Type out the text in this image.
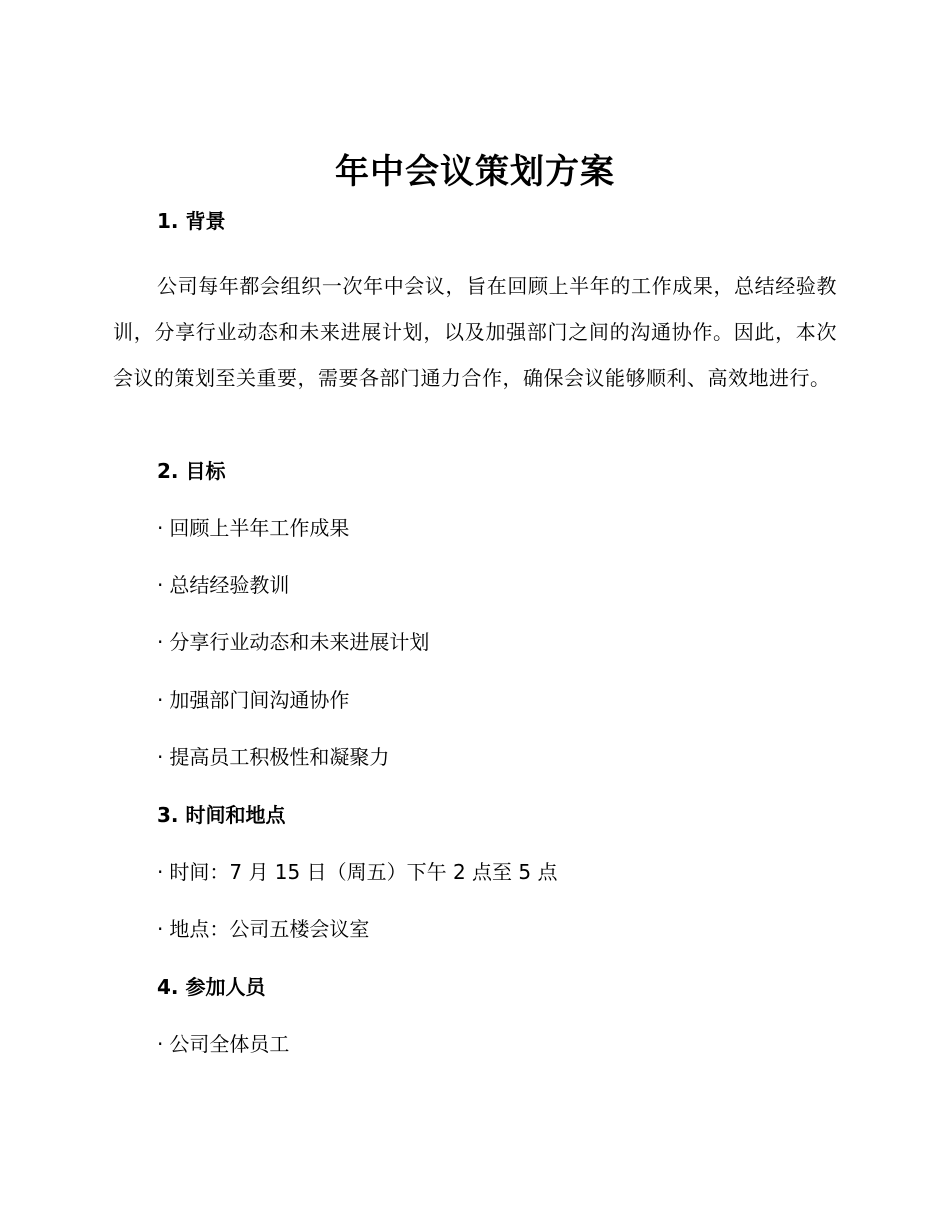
年中会议策划方案
1. 背景
公司每年都会组织一次年中会议，旨在回顾上半年的工作成果，总结经验教训，分享行业动态和未来进展计划，以及加强部门之间的沟通协作。因此，本次会议的策划至关重要，需要各部门通力合作，确保会议能够顺利、高效地进行。
2. 目标
· 回顾上半年工作成果
· 总结经验教训
· 分享行业动态和未来进展计划
· 加强部门间沟通协作
· 提高员工积极性和凝聚力
3. 时间和地点
· 时间：7 月 15 日（周五）下午 2 点至 5 点
· 地点：公司五楼会议室
4. 参加人员
· 公司全体员工
